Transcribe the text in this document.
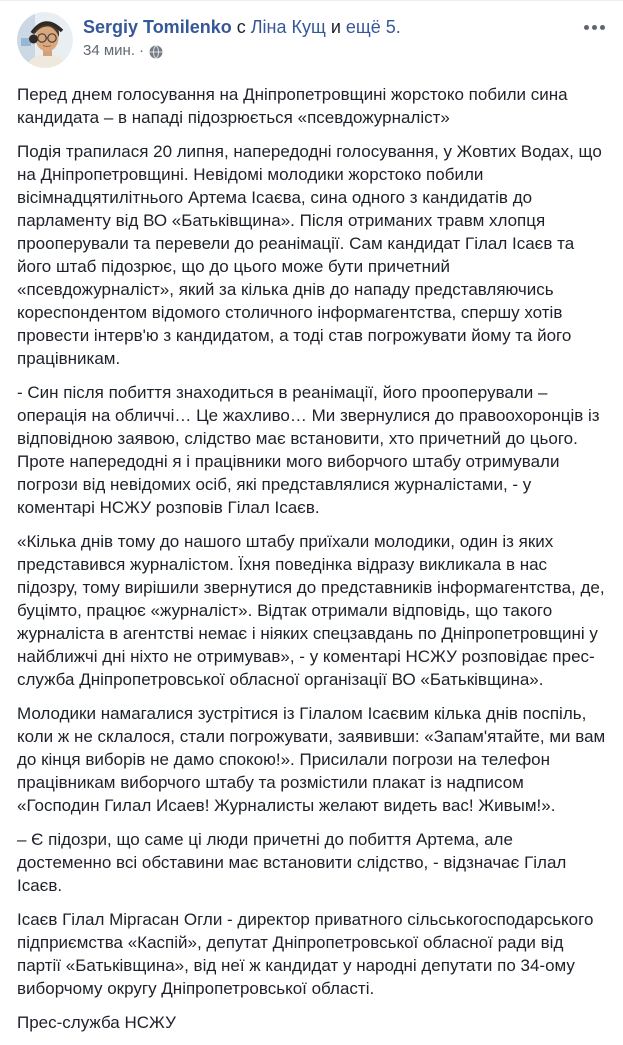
Sergiy Tomilenko с Ліна Кущ и ещё 5.
34 мин. ·

Перед днем голосування на Дніпропетровщині жорстоко побили сина кандидата – в нападі підозрюється «псевдожурналіст»

Подія трапилася 20 липня, напередодні голосування, у Жовтих Водах, що на Дніпропетровщині. Невідомі молодики жорстоко побили вісімнадцятилітнього Артема Ісаєва, сина одного з кандидатів до парламенту від ВО «Батьківщина». Після отриманих травм хлопця прооперували та перевели до реанімації. Сам кандидат Гілал Ісаєв та його штаб підозрює, що до цього може бути причетний «псевдожурналіст», який за кілька днів до нападу представляючись кореспондентом відомого столичного інформагентства, спершу хотів провести інтерв'ю з кандидатом, а тоді став погрожувати йому та його працівникам.

- Син після побиття знаходиться в реанімації, його прооперували – операція на обличчі… Це жахливо… Ми звернулися до правоохоронців із відповідною заявою, слідство має встановити, хто причетний до цього. Проте напередодні я і працівники мого виборчого штабу отримували погрози від невідомих осіб, які представлялися журналістами, - у коментарі НСЖУ розповів Гілал Ісаєв.

«Кілька днів тому до нашого штабу приїхали молодики, один із яких представився журналістом. Їхня поведінка відразу викликала в нас підозру, тому вирішили звернутися до представників інформагентства, де, буцімто, працює «журналіст». Відтак отримали відповідь, що такого журналіста в агентстві немає і ніяких спецзавдань по Дніпропетровщині у найближчі дні ніхто не отримував», - у коментарі НСЖУ розповідає прес-служба Дніпропетровської обласної організації ВО «Батьківщина».

Молодики намагалися зустрітися із Гілалом Ісаєвим кілька днів поспіль, коли ж не склалося, стали погрожувати, заявивши: «Запам'ятайте, ми вам до кінця виборів не дамо спокою!». Присилали погрози на телефон працівникам виборчого штабу та розмістили плакат із надписом «Господин Гилал Исаев! Журналисты желают видеть вас! Живым!».

– Є підозри, що саме ці люди причетні до побиття Артема, але достеменно всі обставини має встановити слідство, - відзначає Гілал Ісаєв.

Ісаєв Гілал Міргасан Огли - директор приватного сільськогосподарського підприємства «Каспій», депутат Дніпропетровської обласної ради від партії «Батьківщина», від неї ж кандидат у народні депутати по 34-ому виборчому округу Дніпропетровської області.

Прес-служба НСЖУ
